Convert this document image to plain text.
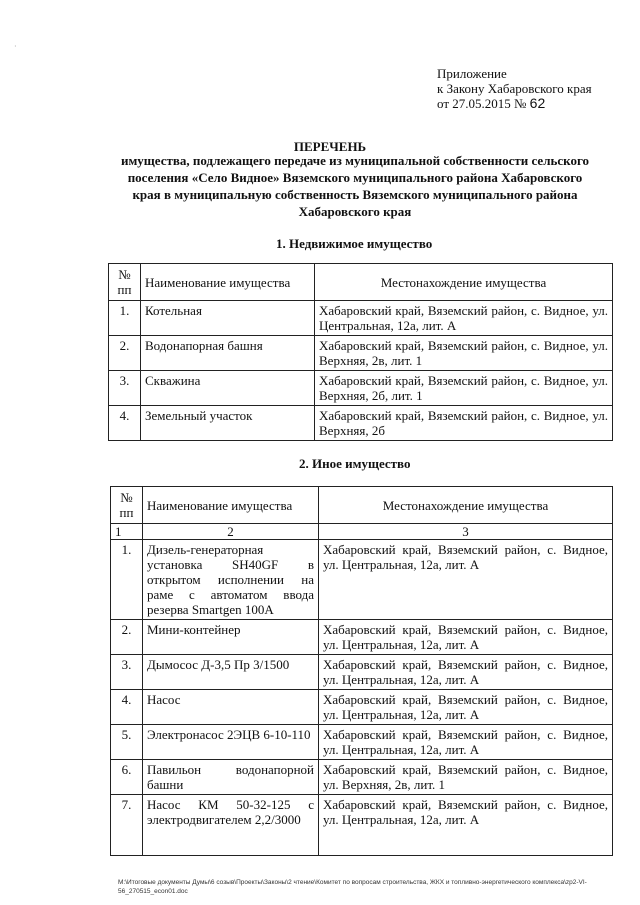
·
Приложение
к Закону Хабаровского края
от 27.05.2015 № 62
ПЕРЕЧЕНЬ
имущества, подлежащего передаче из муниципальной собственности сельского поселения «Село Видное» Вяземского муниципального района Хабаровского края в муниципальную собственность Вяземского муниципального района Хабаровского края
1. Недвижимое имущество
№ пп	Наименование имущества	Местонахождение имущества
1.	Котельная	Хабаровский край, Вяземский район, с. Видное, ул. Центральная, 12а, лит. А
2.	Водонапорная башня	Хабаровский край, Вяземский район, с. Видное, ул. Верхняя, 2в, лит. 1
3.	Скважина	Хабаровский край, Вяземский район, с. Видное, ул. Верхняя, 2б, лит. 1
4.	Земельный участок	Хабаровский край, Вяземский район, с. Видное, ул. Верхняя, 2б
2. Иное имущество
№ пп	Наименование имущества	Местонахождение имущества
1	2	3
1.	Дизель-генераторная установка SH40GF в открытом исполнении на раме с автоматом ввода резерва Smartgen 100А	Хабаровский край, Вяземский район, с. Видное, ул. Центральная, 12а, лит. А
2.	Мини-контейнер	Хабаровский край, Вяземский район, с. Видное, ул. Центральная, 12а, лит. А
3.	Дымосос Д-3,5 Пр 3/1500	Хабаровский край, Вяземский район, с. Видное, ул. Центральная, 12а, лит. А
4.	Насос	Хабаровский край, Вяземский район, с. Видное, ул. Центральная, 12а, лит. А
5.	Электронасос 2ЭЦВ 6-10-110	Хабаровский край, Вяземский район, с. Видное, ул. Центральная, 12а, лит. А
6.	Павильон водонапорной башни	Хабаровский край, Вяземский район, с. Видное, ул. Верхняя, 2в, лит. 1
7.	Насос КМ 50-32-125 с электродвигателем 2,2/3000	Хабаровский край, Вяземский район, с. Видное, ул. Центральная, 12а, лит. А
M:\Итоговые документы Думы\6 созыв\Проекты\Законы\2 чтение\Комитет по вопросам строительства, ЖКХ и топливно-энергетического комплекса\zp2-VI-56_270515_econ01.doc
